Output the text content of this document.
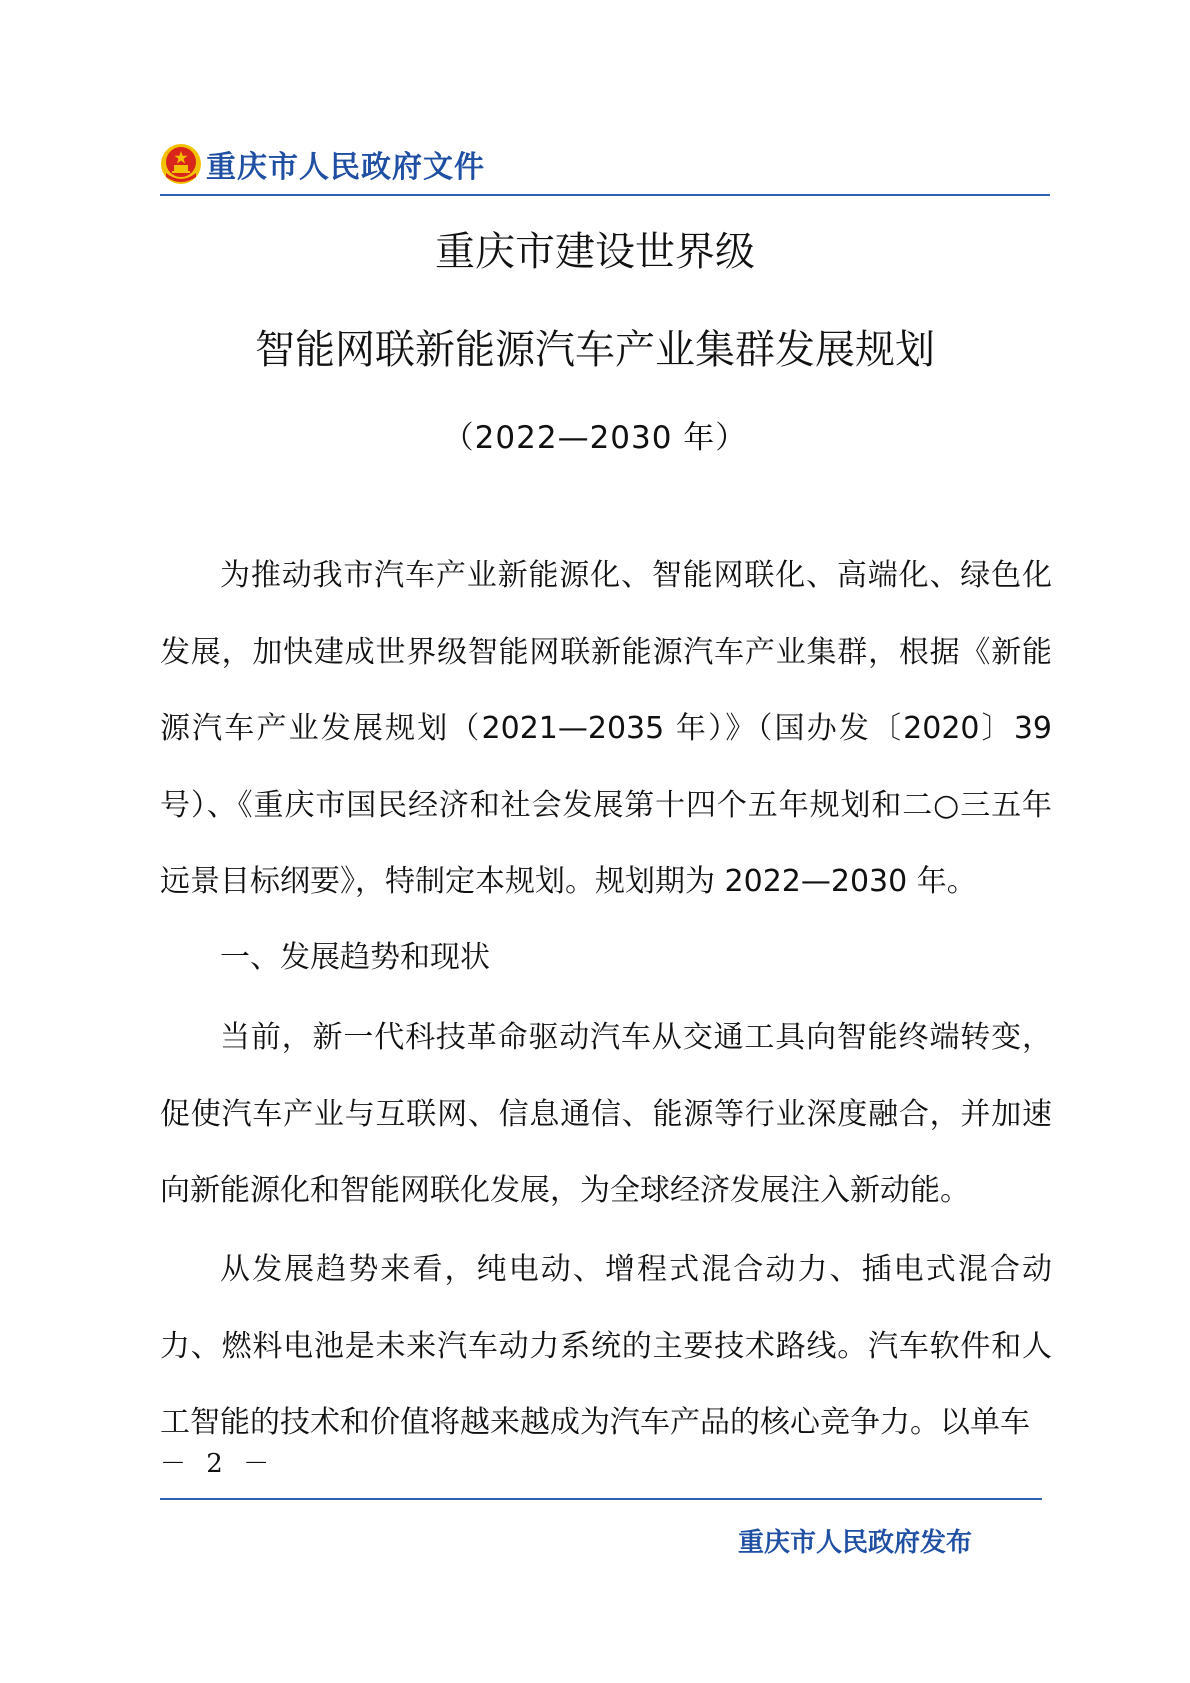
重庆市人民政府文件
重庆市建设世界级
智能网联新能源汽车产业集群发展规划
（2022—2030 年）

为推动我市汽车产业新能源化、智能网联化、高端化、绿色化发展，加快建成世界级智能网联新能源汽车产业集群，根据《新能源汽车产业发展规划（2021—2035 年）》（国办发〔2020〕39 号）、《重庆市国民经济和社会发展第十四个五年规划和二○三五年远景目标纲要》，特制定本规划。规划期为 2022—2030 年。

一、发展趋势和现状

当前，新一代科技革命驱动汽车从交通工具向智能终端转变，促使汽车产业与互联网、信息通信、能源等行业深度融合，并加速向新能源化和智能网联化发展，为全球经济发展注入新动能。

从发展趋势来看，纯电动、增程式混合动力、插电式混合动力、燃料电池是未来汽车动力系统的主要技术路线。汽车软件和人工智能的技术和价值将越来越成为汽车产品的核心竞争力。以单车

－ 2 －
重庆市人民政府发布
